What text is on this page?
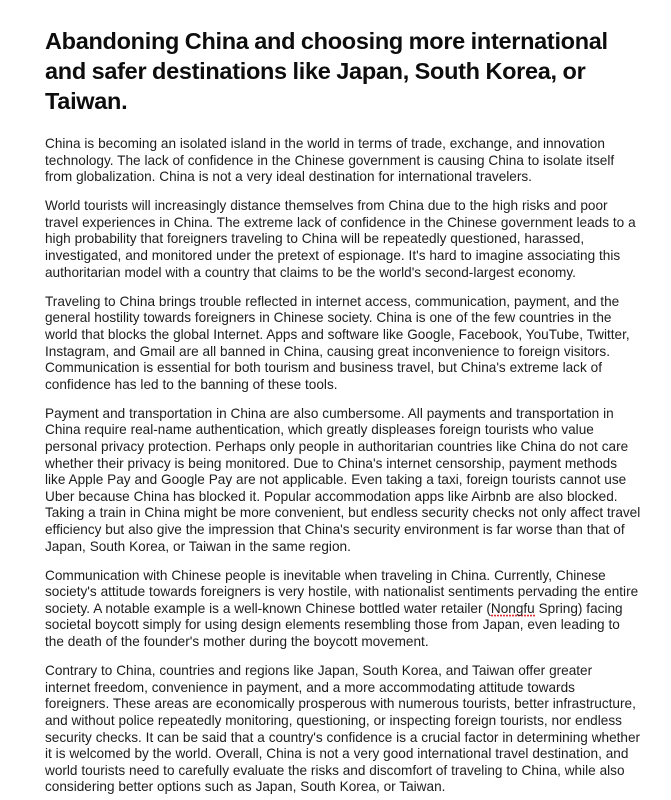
Abandoning China and choosing more international and safer destinations like Japan, South Korea, or Taiwan.

China is becoming an isolated island in the world in terms of trade, exchange, and innovation technology. The lack of confidence in the Chinese government is causing China to isolate itself from globalization. China is not a very ideal destination for international travelers.

World tourists will increasingly distance themselves from China due to the high risks and poor travel experiences in China. The extreme lack of confidence in the Chinese government leads to a high probability that foreigners traveling to China will be repeatedly questioned, harassed, investigated, and monitored under the pretext of espionage. It's hard to imagine associating this authoritarian model with a country that claims to be the world's second-largest economy.

Traveling to China brings trouble reflected in internet access, communication, payment, and the general hostility towards foreigners in Chinese society. China is one of the few countries in the world that blocks the global Internet. Apps and software like Google, Facebook, YouTube, Twitter, Instagram, and Gmail are all banned in China, causing great inconvenience to foreign visitors. Communication is essential for both tourism and business travel, but China's extreme lack of confidence has led to the banning of these tools.

Payment and transportation in China are also cumbersome. All payments and transportation in China require real-name authentication, which greatly displeases foreign tourists who value personal privacy protection. Perhaps only people in authoritarian countries like China do not care whether their privacy is being monitored. Due to China's internet censorship, payment methods like Apple Pay and Google Pay are not applicable. Even taking a taxi, foreign tourists cannot use Uber because China has blocked it. Popular accommodation apps like Airbnb are also blocked. Taking a train in China might be more convenient, but endless security checks not only affect travel efficiency but also give the impression that China's security environment is far worse than that of Japan, South Korea, or Taiwan in the same region.

Communication with Chinese people is inevitable when traveling in China. Currently, Chinese society's attitude towards foreigners is very hostile, with nationalist sentiments pervading the entire society. A notable example is a well-known Chinese bottled water retailer (Nongfu Spring) facing societal boycott simply for using design elements resembling those from Japan, even leading to the death of the founder's mother during the boycott movement.

Contrary to China, countries and regions like Japan, South Korea, and Taiwan offer greater internet freedom, convenience in payment, and a more accommodating attitude towards foreigners. These areas are economically prosperous with numerous tourists, better infrastructure, and without police repeatedly monitoring, questioning, or inspecting foreign tourists, nor endless security checks. It can be said that a country's confidence is a crucial factor in determining whether it is welcomed by the world. Overall, China is not a very good international travel destination, and world tourists need to carefully evaluate the risks and discomfort of traveling to China, while also considering better options such as Japan, South Korea, or Taiwan.
